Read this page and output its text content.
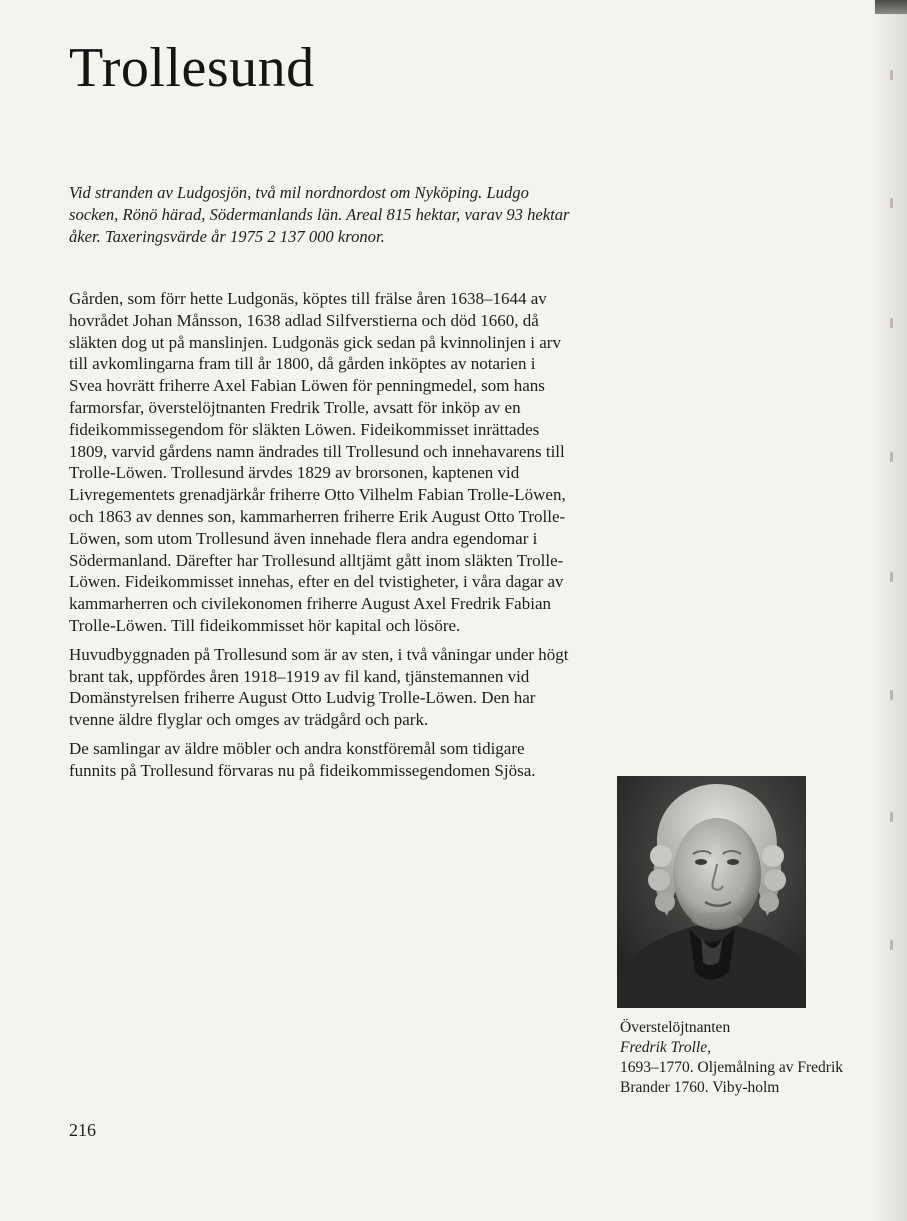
Trollesund

Vid stranden av Ludgosjön, två mil nordnordost om Nyköping. Ludgo socken, Rönö härad, Södermanlands län. Areal 815 hektar, varav 93 hektar åker. Taxeringsvärde år 1975 2 137 000 kronor.

Gården, som förr hette Ludgonäs, köptes till frälse åren 1638–1644 av hovrådet Johan Månsson, 1638 adlad Silfverstierna och död 1660, då släkten dog ut på manslinjen. Ludgonäs gick sedan på kvinnolinjen i arv till avkomlingarna fram till år 1800, då gården inköptes av notarien i Svea hovrätt friherre Axel Fabian Löwen för penningmedel, som hans farmorsfar, överstelöjtnanten Fredrik Trolle, avsatt för inköp av en fideikommissegendom för släkten Löwen. Fideikommisset inrättades 1809, varvid gårdens namn ändrades till Trollesund och innehavarens till Trolle-Löwen. Trollesund ärvdes 1829 av brorsonen, kaptenen vid Livregementets grenadjärkår friherre Otto Vilhelm Fabian Trolle-Löwen, och 1863 av dennes son, kammarherren friherre Erik August Otto Trolle-Löwen, som utom Trollesund även innehade flera andra egendomar i Södermanland. Därefter har Trollesund alltjämt gått inom släkten Trolle-Löwen. Fideikommisset innehas, efter en del tvistigheter, i våra dagar av kammarherren och civilekonomen friherre August Axel Fredrik Fabian Trolle-Löwen. Till fideikommisset hör kapital och lösöre.

Huvudbyggnaden på Trollesund som är av sten, i två våningar under högt brant tak, uppfördes åren 1918–1919 av fil kand, tjänstemannen vid Domänstyrelsen friherre August Otto Ludvig Trolle-Löwen. Den har tvenne äldre flyglar och omges av trädgård och park.

De samlingar av äldre möbler och andra konstföremål som tidigare funnits på Trollesund förvaras nu på fideikommissegendomen Sjösa.

Överstelöjtnanten
Fredrik Trolle,
1693–1770. Oljemålning av Fredrik Brander 1760. Viby-holm
216
